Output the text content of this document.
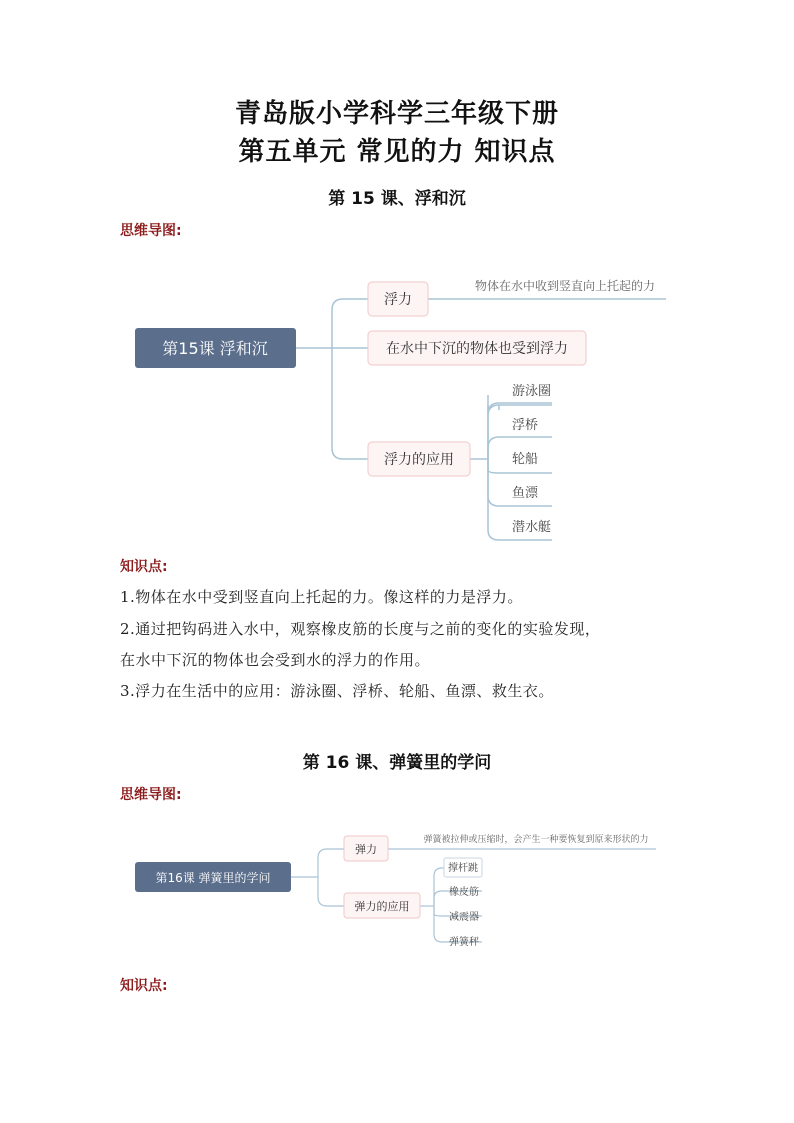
青岛版小学科学三年级下册
第五单元 常见的力 知识点
第 15 课、浮和沉
思维导图:
第15课 浮和沉
浮力
物体在水中收到竖直向上托起的力
在水中下沉的物体也受到浮力
浮力的应用
游泳圈
浮桥
轮船
鱼漂
潜水艇
第16课 弹簧里的学问
弹力
弹簧被拉伸或压缩时，会产生一种要恢复到原来形状的力
弹力的应用
撑杆跳
橡皮筋
减震器
弹簧秤
知识点:
1.物体在水中受到竖直向上托起的力。像这样的力是浮力。
2.通过把钩码进入水中，观察橡皮筋的长度与之前的变化的实验发现，
在水中下沉的物体也会受到水的浮力的作用。
3.浮力在生活中的应用：游泳圈、浮桥、轮船、鱼漂、救生衣。
第 16 课、弹簧里的学问
思维导图:
知识点:
